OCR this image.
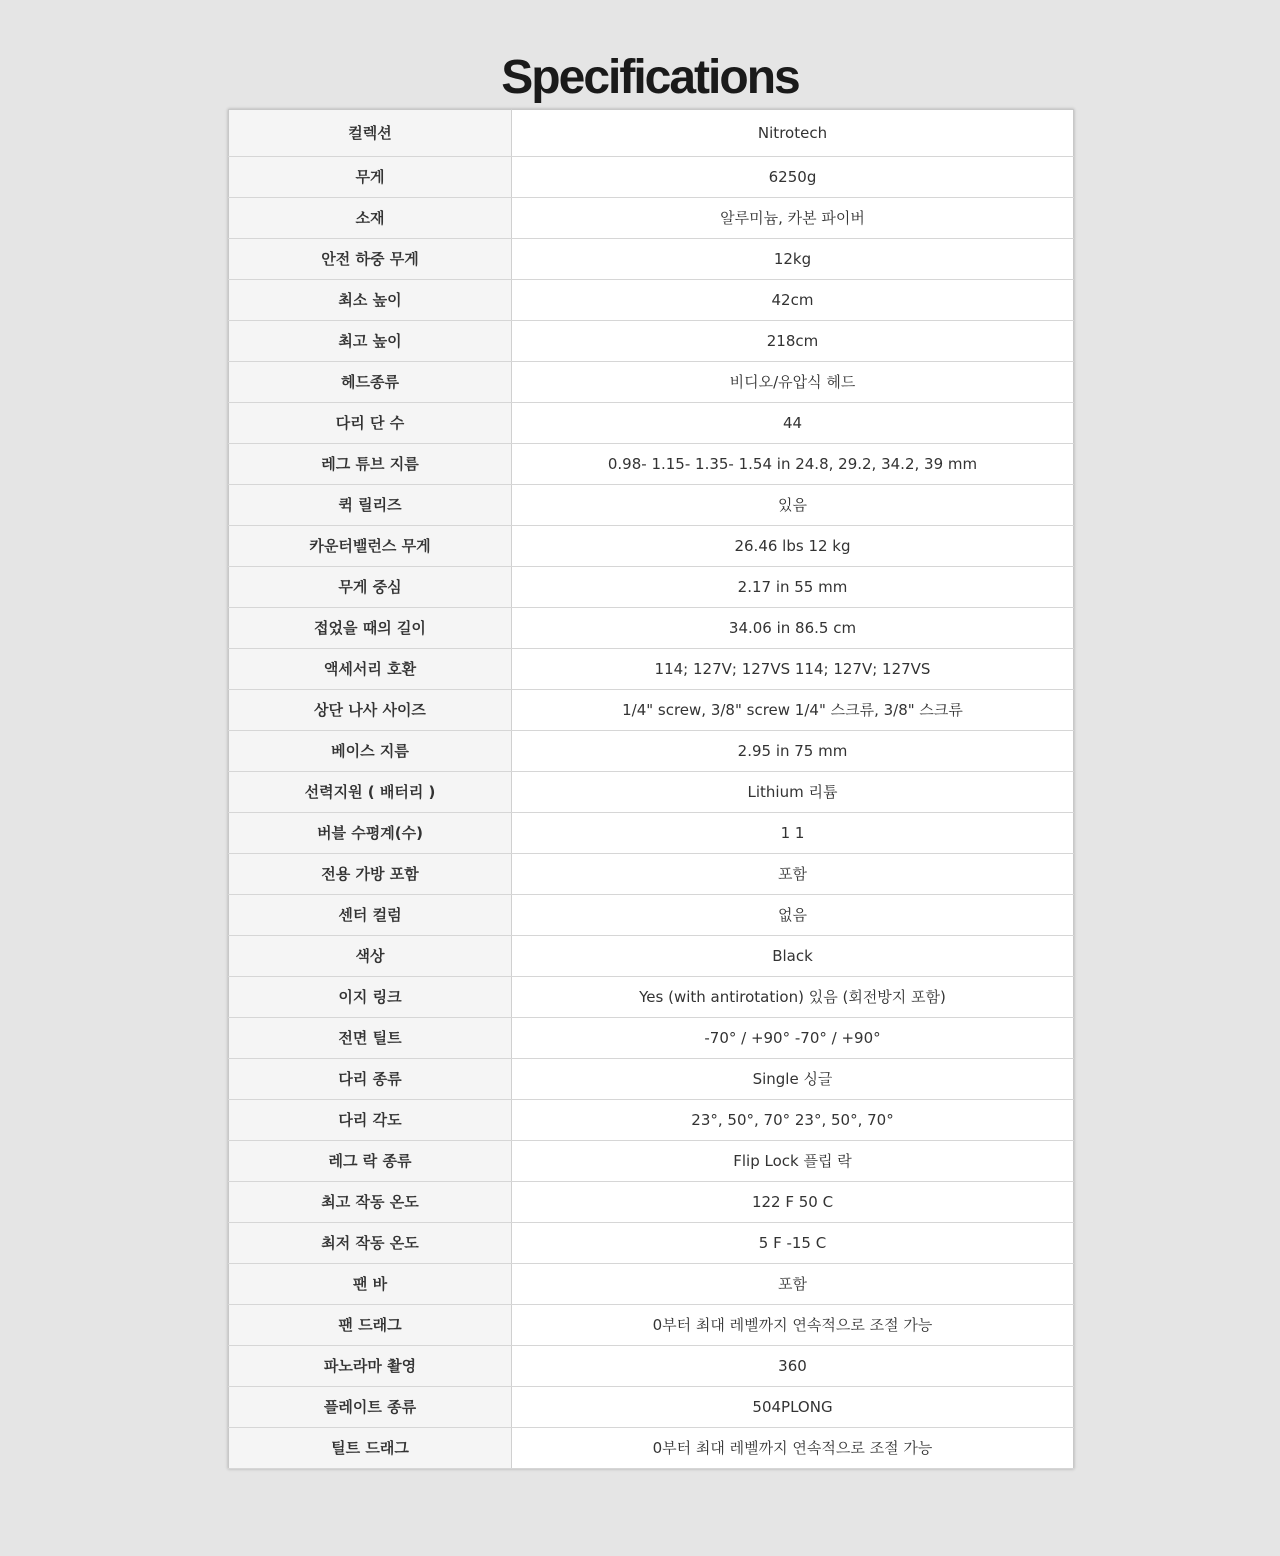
Specifications
컬렉션	Nitrotech
무게	6250g
소재	알루미늄, 카본 파이버
안전 하중 무게	12kg
최소 높이	42cm
최고 높이	218cm
헤드종류	비디오/유압식 헤드
다리 단 수	44
레그 튜브 지름	0.98- 1.15- 1.35- 1.54 in 24.8, 29.2, 34.2, 39 mm
퀵 릴리즈	있음
카운터밸런스 무게	26.46 lbs 12 kg
무게 중심	2.17 in 55 mm
접었을 때의 길이	34.06 in 86.5 cm
액세서리 호환	114; 127V; 127VS 114; 127V; 127VS
상단 나사 사이즈	1/4" screw, 3/8" screw 1/4" 스크류, 3/8" 스크류
베이스 지름	2.95 in 75 mm
선력지원 ( 배터리 )	Lithium 리튬
버블 수평계(수)	1 1
전용 가방 포함	포함
센터 컬럼	없음
색상	Black
이지 링크	Yes (with antirotation) 있음 (회전방지 포함)
전면 틸트	-70° / +90° -70° / +90°
다리 종류	Single 싱글
다리 각도	23°, 50°, 70° 23°, 50°, 70°
레그 락 종류	Flip Lock 플립 락
최고 작동 온도	122 F 50 C
최저 작동 온도	5 F -15 C
팬 바	포함
팬 드래그	0부터 최대 레벨까지 연속적으로 조절 가능
파노라마 촬영	360
플레이트 종류	504PLONG
틸트 드래그	0부터 최대 레벨까지 연속적으로 조절 가능
